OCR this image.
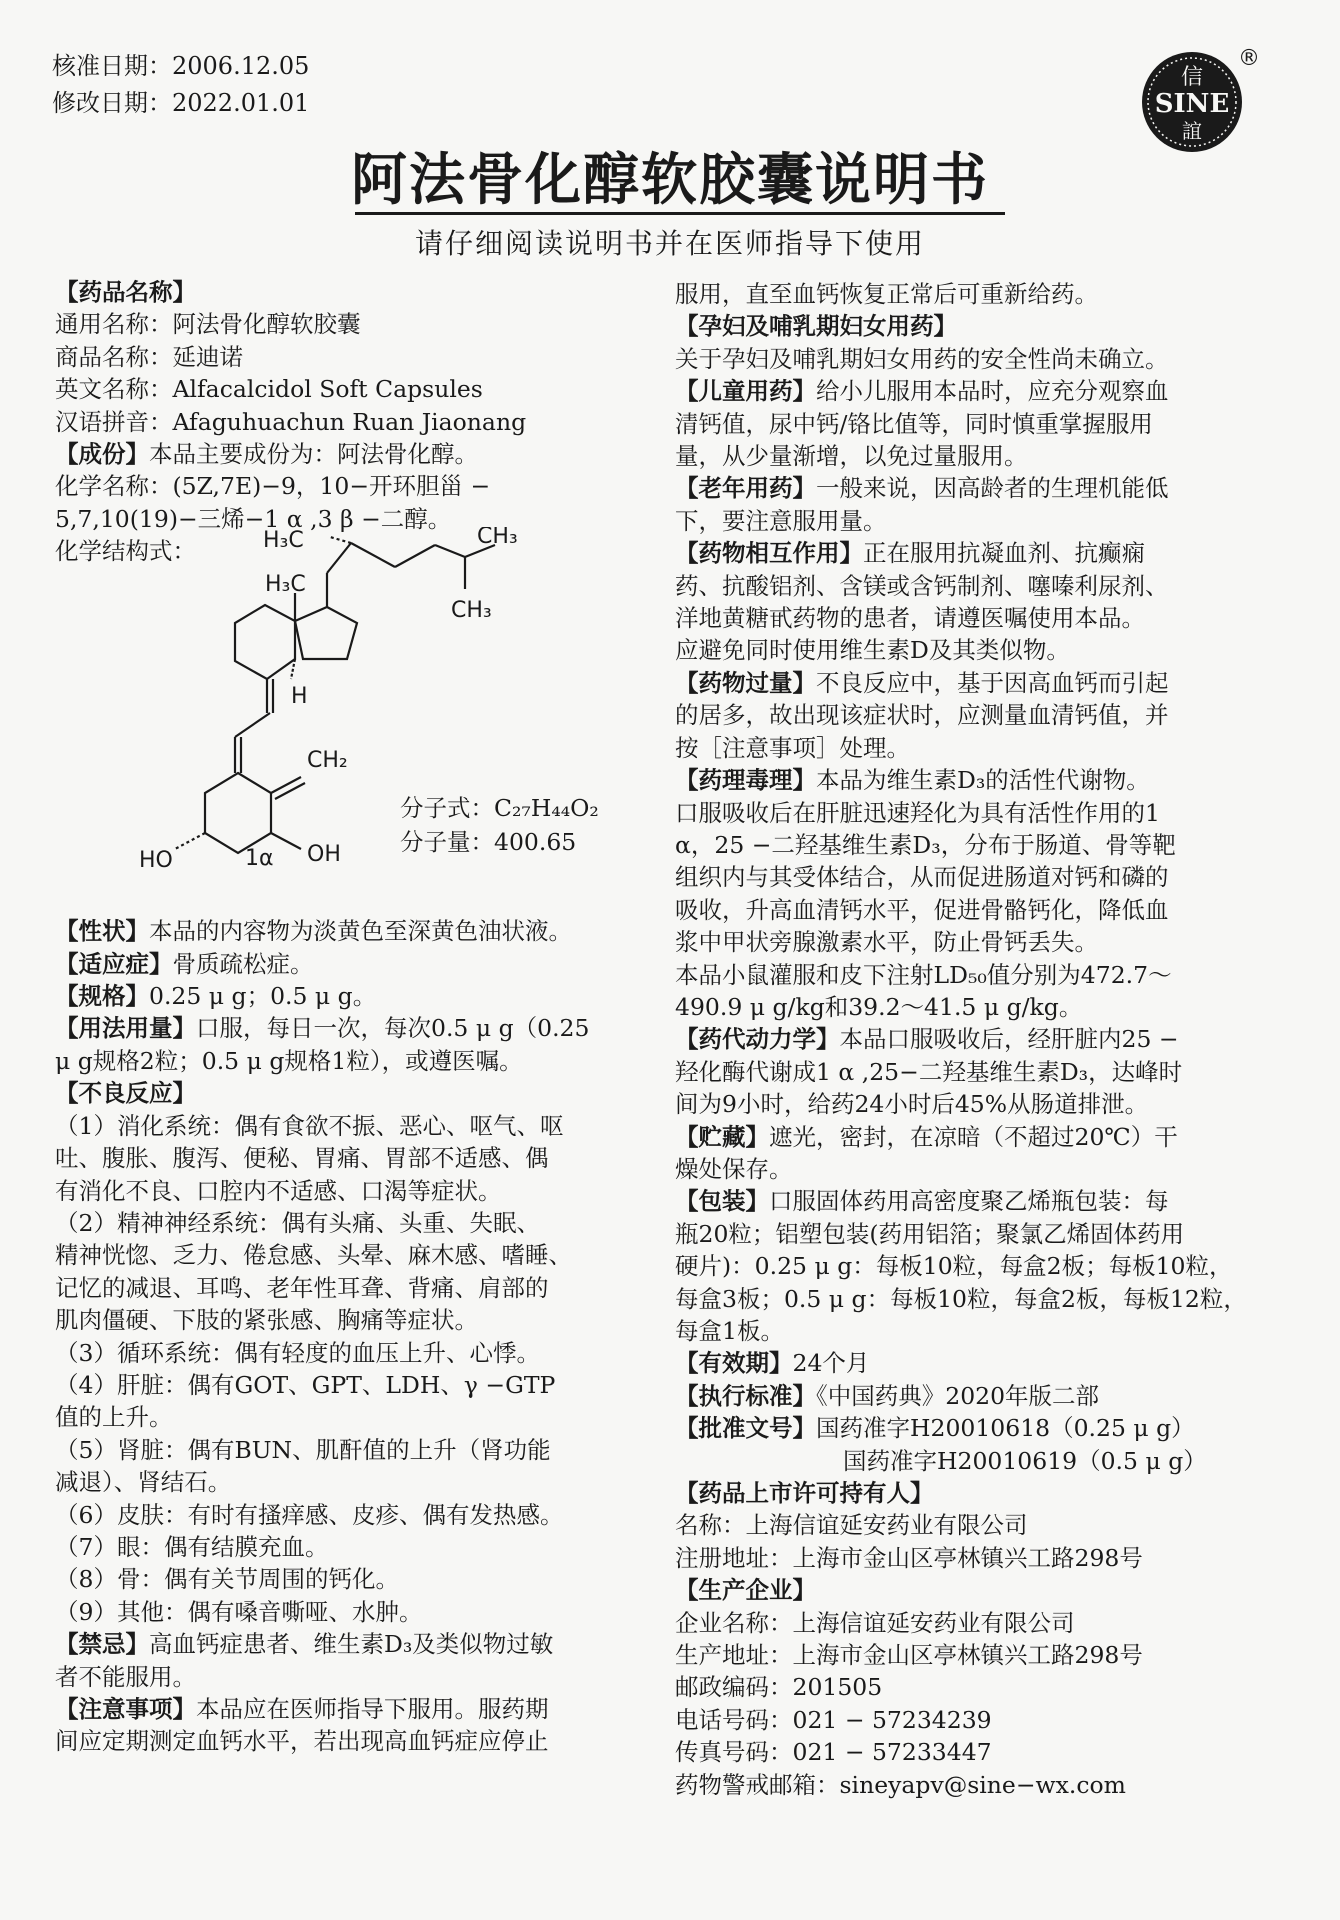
核准日期：2006.12.05
修改日期：2022.01.01
信
SINE
誼
®
阿法骨化醇软胶囊说明书
请仔细阅读说明书并在医师指导下使用

【药品名称】

通用名称：阿法骨化醇软胶囊

商品名称：延迪诺

英文名称：Alfacalcidol Soft Capsules

汉语拼音：Afaguhuachun Ruan Jiaonang

【成份】本品主要成份为：阿法骨化醇。

化学名称：(5Z,7E)−9，10−开环胆甾 −

5,7,10(19)−三烯−1 α ,3 β −二醇。

化学结构式：	H₃C	CH₃
H₃C
CH₃
H
CH₂
HO	1α OH
分子式：C₂₇H₄₄O₂
分子量：400.65

【性状】本品的内容物为淡黄色至深黄色油状液。

【适应症】骨质疏松症。

【规格】0.25 μ g；0.5 μ g。

【用法用量】口服，每日一次，每次0.5 μ g（0.25

μ g规格2粒；0.5 μ g规格1粒），或遵医嘱。

【不良反应】

（1）消化系统：偶有食欲不振、恶心、呕气、呕

吐、腹胀、腹泻、便秘、胃痛、胃部不适感、偶

有消化不良、口腔内不适感、口渴等症状。

（2）精神神经系统：偶有头痛、头重、失眠、

精神恍惚、乏力、倦怠感、头晕、麻木感、嗜睡、

记忆的减退、耳鸣、老年性耳聋、背痛、肩部的

肌肉僵硬、下肢的紧张感、胸痛等症状。

（3）循环系统：偶有轻度的血压上升、心悸。

（4）肝脏：偶有GOT、GPT、LDH、γ −GTP

值的上升。

（5）肾脏：偶有BUN、肌酐值的上升（肾功能

减退）、肾结石。

（6）皮肤：有时有搔痒感、皮疹、偶有发热感。

（7）眼：偶有结膜充血。

（8）骨：偶有关节周围的钙化。

（9）其他：偶有嗓音嘶哑、水肿。

【禁忌】高血钙症患者、维生素D₃及类似物过敏

者不能服用。

【注意事项】本品应在医师指导下服用。服药期

间应定期测定血钙水平，若出现高血钙症应停止

服用，直至血钙恢复正常后可重新给药。

【孕妇及哺乳期妇女用药】

关于孕妇及哺乳期妇女用药的安全性尚未确立。

【儿童用药】给小儿服用本品时，应充分观察血

清钙值，尿中钙/铬比值等，同时慎重掌握服用

量，从少量渐增，以免过量服用。

【老年用药】一般来说，因高龄者的生理机能低

下，要注意服用量。

【药物相互作用】正在服用抗凝血剂、抗癫痫

药、抗酸铝剂、含镁或含钙制剂、噻嗪利尿剂、

洋地黄糖甙药物的患者，请遵医嘱使用本品。

应避免同时使用维生素D及其类似物。

【药物过量】不良反应中，基于因高血钙而引起

的居多，故出现该症状时，应测量血清钙值，并

按［注意事项］处理。

【药理毒理】本品为维生素D₃的活性代谢物。

口服吸收后在肝脏迅速羟化为具有活性作用的1

α，25 −二羟基维生素D₃，分布于肠道、骨等靶

组织内与其受体结合，从而促进肠道对钙和磷的

吸收，升高血清钙水平，促进骨骼钙化，降低血

浆中甲状旁腺激素水平，防止骨钙丢失。

本品小鼠灌服和皮下注射LD₅₀值分别为472.7～

490.9 μ g/kg和39.2～41.5 μ g/kg。

【药代动力学】本品口服吸收后，经肝脏内25 −

羟化酶代谢成1 α ,25−二羟基维生素D₃，达峰时

间为9小时，给药24小时后45%从肠道排泄。

【贮藏】遮光，密封，在凉暗（不超过20℃）干

燥处保存。

【包装】口服固体药用高密度聚乙烯瓶包装：每

瓶20粒；铝塑包装(药用铝箔；聚氯乙烯固体药用

硬片)：0.25 μ g：每板10粒，每盒2板；每板10粒，

每盒3板；0.5 μ g：每板10粒，每盒2板，每板12粒，

每盒1板。

【有效期】24个月

【执行标准】《中国药典》2020年版二部

【批准文号】国药准字H20010618（0.25 μ g）

国药准字H20010619（0.5 μ g）

【药品上市许可持有人】

名称：上海信谊延安药业有限公司

注册地址：上海市金山区亭林镇兴工路298号

【生产企业】

企业名称：上海信谊延安药业有限公司

生产地址：上海市金山区亭林镇兴工路298号

邮政编码：201505

电话号码：021 − 57234239

传真号码：021 − 57233447

药物警戒邮箱：sineyapv@sine−wx.com
